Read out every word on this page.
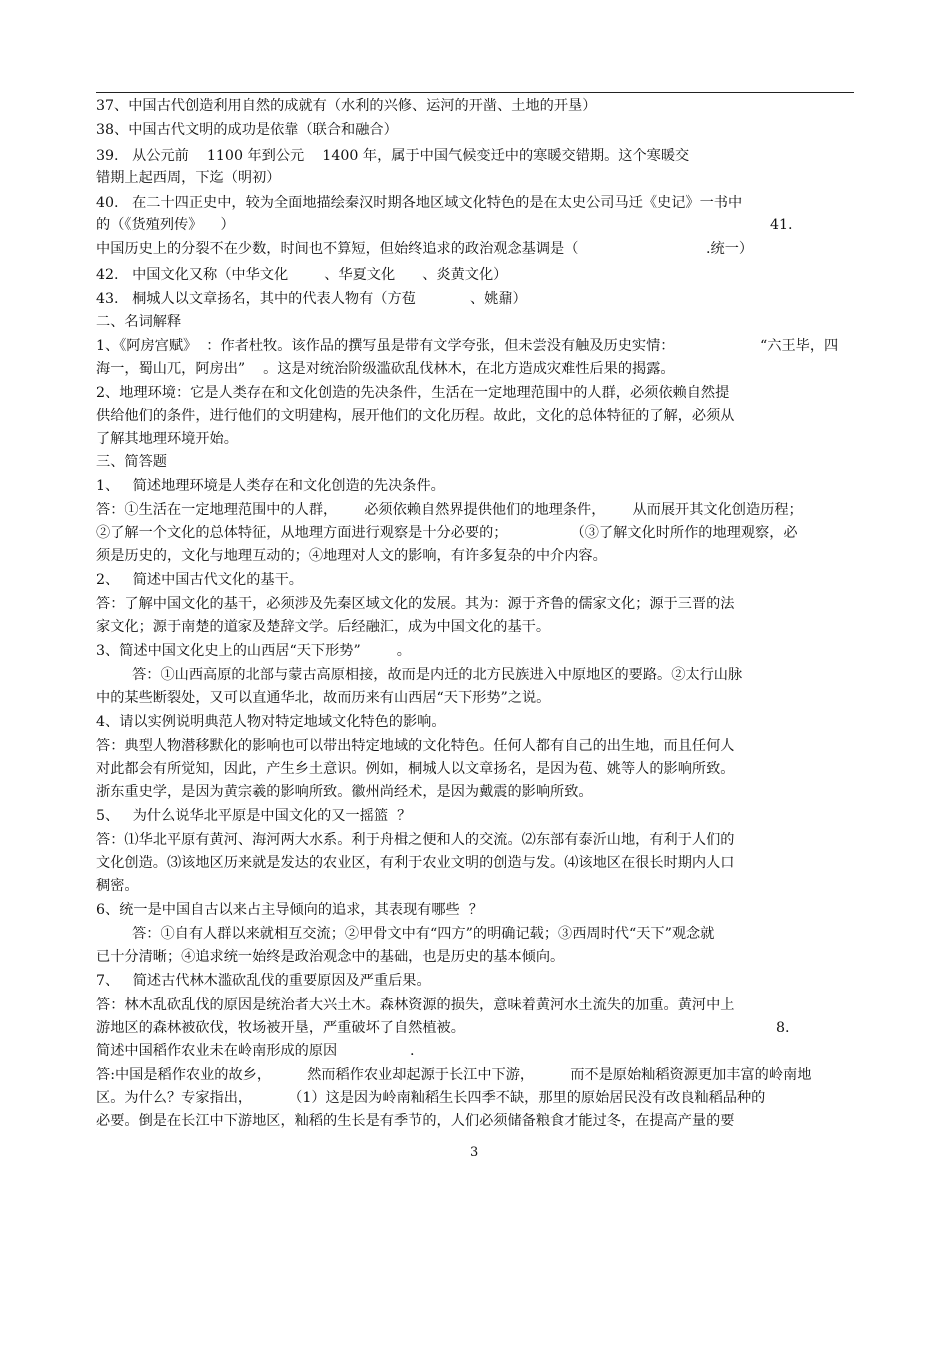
37、中国古代创造利用自然的成就有（水利的兴修、运河的开凿、土地的开垦）
38、中国古代文明的成功是依靠（联合和融合）
39.   从公元前    1100 年到公元    1400 年，属于中国气候变迁中的寒暖交错期。这个寒暖交
错期上起西周，下迄（明初）
40.   在二十四正史中，较为全面地描绘秦汉时期各地区域文化特色的是在太史公司马迁《史记》一书中
的（《货殖列传》    ）	41.
中国历史上的分裂不在少数，时间也不算短，但始终追求的政治观念基调是（	.统一）
42.   中国文化又称（中华文化        、华夏文化      、炎黄文化）
43.   桐城人以文章扬名，其中的代表人物有（方苞            、姚鼐）
二、名词解释
1、《阿房宫赋》  ：作者杜牧。该作品的撰写虽是带有文学夸张，但未尝没有触及历史实情：	“六王毕，四
海一，蜀山兀，阿房出”    。这是对统治阶级滥砍乱伐林木，在北方造成灾难性后果的揭露。
2、地理环境：它是人类存在和文化创造的先决条件，生活在一定地理范围中的人群，必须依赖自然提
供给他们的条件，进行他们的文明建构，展开他们的文化历程。故此，文化的总体特征的了解，必须从
了解其地理环境开始。
三、简答题
1、   简述地理环境是人类存在和文化创造的先决条件。
答：①生活在一定地理范围中的人群，      必须依赖自然界提供他们的地理条件，      从而展开其文化创造历程；
②了解一个文化的总体特征，从地理方面进行观察是十分必要的；              （③了解文化时所作的地理观察，必
须是历史的，文化与地理互动的；④地理对人文的影响，有许多复杂的中介内容。
2、   简述中国古代文化的基干。
答：了解中国文化的基干，必须涉及先秦区域文化的发展。其为：源于齐鲁的儒家文化；源于三晋的法
家文化；源于南楚的道家及楚辞文学。后经融汇，成为中国文化的基干。
3、简述中国文化史上的山西居“天下形势”        。
答：①山西高原的北部与蒙古高原相接，故而是内迁的北方民族进入中原地区的要路。②太行山脉
中的某些断裂处，又可以直通华北，故而历来有山西居“天下形势”之说。
4、请以实例说明典范人物对特定地域文化特色的影响。
答：典型人物潜移默化的影响也可以带出特定地域的文化特色。任何人都有自己的出生地，而且任何人
对此都会有所觉知，因此，产生乡土意识。例如，桐城人以文章扬名，是因为苞、姚等人的影响所致。
浙东重史学，是因为黄宗羲的影响所致。徽州尚经术，是因为戴震的影响所致。
5、   为什么说华北平原是中国文化的又一摇篮  ？
答：⑴华北平原有黄河、海河两大水系。利于舟楫之便和人的交流。⑵东部有泰沂山地，有利于人们的
文化创造。⑶该地区历来就是发达的农业区，有利于农业文明的创造与发。⑷该地区在很长时期内人口
稠密。
6、统一是中国自古以来占主导倾向的追求，其表现有哪些  ？
答：①自有人群以来就相互交流；②甲骨文中有“四方”的明确记载；③西周时代“天下”观念就
已十分清晰；④追求统一始终是政治观念中的基础，也是历史的基本倾向。
7、   简述古代林木滥砍乱伐的重要原因及严重后果。
答：林木乱砍乱伐的原因是统治者大兴土木。森林资源的损失，意味着黄河水土流失的加重。黄河中上
游地区的森林被砍伐，牧场被开垦，严重破坏了自然植被。	8.
简述中国稻作农业未在岭南形成的原因	.
答:中国是稻作农业的故乡，        然而稻作农业却起源于长江中下游，        而不是原始籼稻资源更加丰富的岭南地
区。为什么？专家指出，        （1）这是因为岭南籼稻生长四季不缺，那里的原始居民没有改良籼稻品种的
必要。倒是在长江中下游地区，籼稻的生长是有季节的，人们必须储备粮食才能过冬，在提高产量的要
3
